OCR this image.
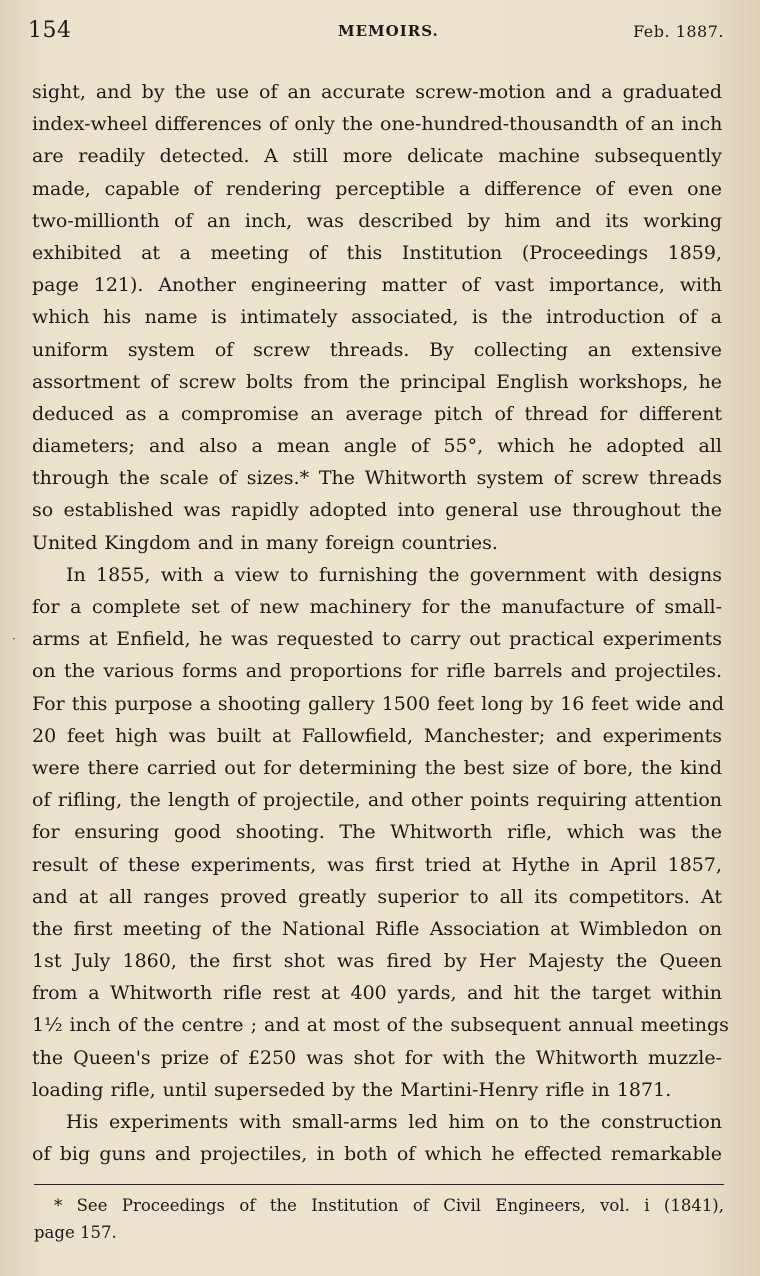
154	MEMOIRS.	Feb. 1887.
·
sight, and by the use of an accurate screw-motion and a graduated
index-wheel differences of only the one-hundred-thousandth of an inch
are readily detected. A still more delicate machine subsequently
made, capable of rendering perceptible a difference of even one
two-millionth of an inch, was described by him and its working
exhibited at a meeting of this Institution (Proceedings 1859,
page 121). Another engineering matter of vast importance, with
which his name is intimately associated, is the introduction of a
uniform system of screw threads. By collecting an extensive
assortment of screw bolts from the principal English workshops, he
deduced as a compromise an average pitch of thread for different
diameters; and also a mean angle of 55°, which he adopted all
through the scale of sizes.* The Whitworth system of screw threads
so established was rapidly adopted into general use throughout the
United Kingdom and in many foreign countries.
In 1855, with a view to furnishing the government with designs
for a complete set of new machinery for the manufacture of small-
arms at Enfield, he was requested to carry out practical experiments
on the various forms and proportions for rifle barrels and projectiles.
For this purpose a shooting gallery 1500 feet long by 16 feet wide and
20 feet high was built at Fallowfield, Manchester; and experiments
were there carried out for determining the best size of bore, the kind
of rifling, the length of projectile, and other points requiring attention
for ensuring good shooting. The Whitworth rifle, which was the
result of these experiments, was first tried at Hythe in April 1857,
and at all ranges proved greatly superior to all its competitors. At
the first meeting of the National Rifle Association at Wimbledon on
1st July 1860, the first shot was fired by Her Majesty the Queen
from a Whitworth rifle rest at 400 yards, and hit the target within
1½ inch of the centre ; and at most of the subsequent annual meetings
the Queen's prize of £250 was shot for with the Whitworth muzzle-
loading rifle, until superseded by the Martini-Henry rifle in 1871.
His experiments with small-arms led him on to the construction
of big guns and projectiles, in both of which he effected remarkable
* See Proceedings of the Institution of Civil Engineers, vol. i (1841),
page 157.
